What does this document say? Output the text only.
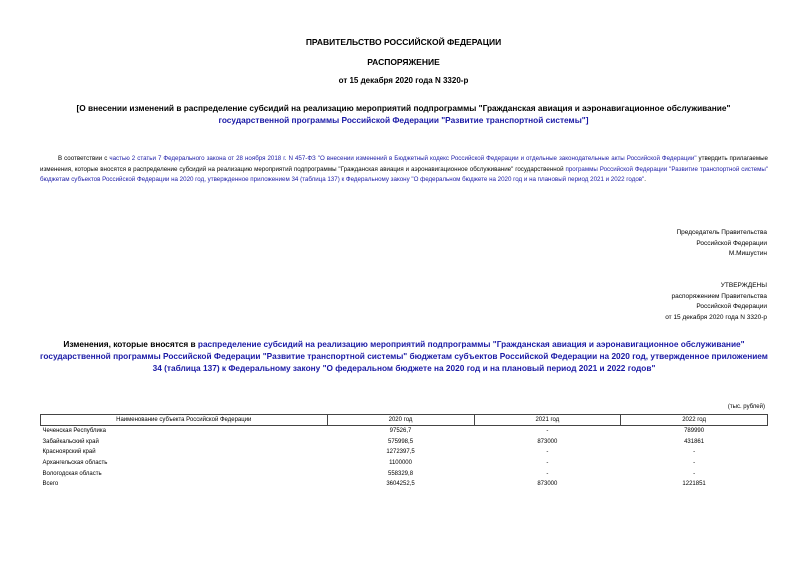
ПРАВИТЕЛЬСТВО РОССИЙСКОЙ ФЕДЕРАЦИИ
РАСПОРЯЖЕНИЕ
от 15 декабря 2020 года N 3320-р
[О внесении изменений в распределение субсидий на реализацию мероприятий подпрограммы "Гражданская авиация и аэронавигационное обслуживание"
государственной программы Российской Федерации "Развитие транспортной системы"]
В соответствии с частью 2 статьи 7 Федерального закона от 28 ноября 2018 г. N 457-ФЗ "О внесении изменений в Бюджетный кодекс Российской Федерации и отдельные законодательные акты Российской Федерации" утвердить прилагаемые изменения, которые вносятся в распределение субсидий на реализацию мероприятий подпрограммы "Гражданская авиация и аэронавигационное обслуживание" государственной программы Российской Федерации "Развитие транспортной системы" бюджетам субъектов Российской Федерации на 2020 год, утвержденное приложением 34 (таблица 137) к Федеральному закону "О федеральном бюджете на 2020 год и на плановый период 2021 и 2022 годов".
Председатель Правительства
Российской Федерации
М.Мишустин
УТВЕРЖДЕНЫ
распоряжением Правительства
Российской Федерации
от 15 декабря 2020 года N 3320-р
Изменения, которые вносятся в распределение субсидий на реализацию мероприятий подпрограммы "Гражданская авиация и аэронавигационное обслуживание" государственной программы Российской Федерации "Развитие транспортной системы" бюджетам субъектов Российской Федерации на 2020 год, утвержденное приложением 34 (таблица 137) к Федеральному закону "О федеральном бюджете на 2020 год и на плановый период 2021 и 2022 годов"
(тыс. рублей)
Наименование субъекта Российской Федерации	2020 год	2021 год	2022 год
Чеченская Республика	97526,7	-	789990
Забайкальский край	575998,5	873000	431861
Красноярский край	1272397,5	-	-
Архангельская область	1100000	-	-
Вологодская область	558329,8	-	-
Всего	3604252,5	873000	1221851
